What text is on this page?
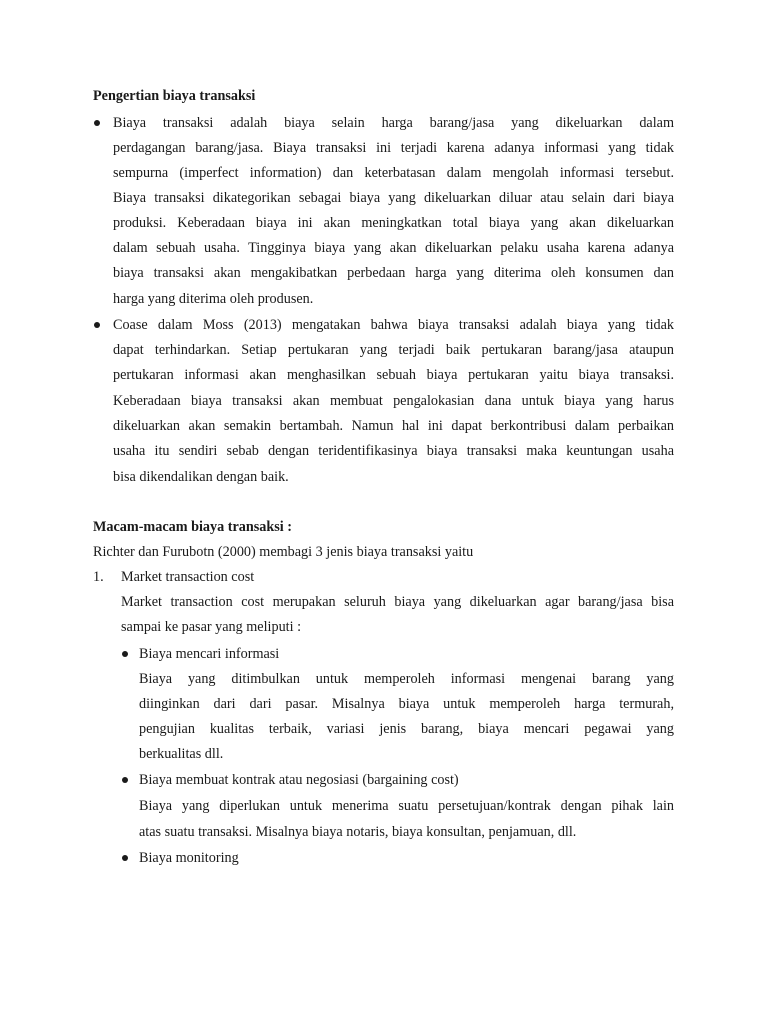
Pengertian biaya transaksi
Biaya transaksi adalah biaya selain harga barang/jasa yang dikeluarkan dalam
perdagangan barang/jasa. Biaya transaksi ini terjadi karena adanya informasi yang tidak
sempurna (imperfect information) dan keterbatasan dalam mengolah informasi tersebut.
Biaya transaksi dikategorikan sebagai biaya yang dikeluarkan diluar atau selain dari biaya
produksi. Keberadaan biaya ini akan meningkatkan total biaya yang akan dikeluarkan
dalam sebuah usaha. Tingginya biaya yang akan dikeluarkan pelaku usaha karena adanya
biaya transaksi akan mengakibatkan perbedaan harga yang diterima oleh konsumen dan
harga yang diterima oleh produsen.
Coase dalam Moss (2013) mengatakan bahwa biaya transaksi adalah biaya yang tidak
dapat terhindarkan. Setiap pertukaran yang terjadi baik pertukaran barang/jasa ataupun
pertukaran informasi akan menghasilkan sebuah biaya pertukaran yaitu biaya transaksi.
Keberadaan biaya transaksi akan membuat pengalokasian dana untuk biaya yang harus
dikeluarkan akan semakin bertambah. Namun hal ini dapat berkontribusi dalam perbaikan
usaha itu sendiri sebab dengan teridentifikasinya biaya transaksi maka keuntungan usaha
bisa dikendalikan dengan baik.
Macam-macam biaya transaksi :
Richter dan Furubotn (2000) membagi 3 jenis biaya transaksi yaitu
1. Market transaction cost
Market transaction cost merupakan seluruh biaya yang dikeluarkan agar barang/jasa bisa
sampai ke pasar yang meliputi :
Biaya mencari informasi
Biaya yang ditimbulkan untuk memperoleh informasi mengenai barang yang
diinginkan dari dari pasar. Misalnya biaya untuk memperoleh harga termurah,
pengujian kualitas terbaik, variasi jenis barang, biaya mencari pegawai yang
berkualitas dll.
Biaya membuat kontrak atau negosiasi (bargaining cost)
Biaya yang diperlukan untuk menerima suatu persetujuan/kontrak dengan pihak lain
atas suatu transaksi. Misalnya biaya notaris, biaya konsultan, penjamuan, dll.
Biaya monitoring
